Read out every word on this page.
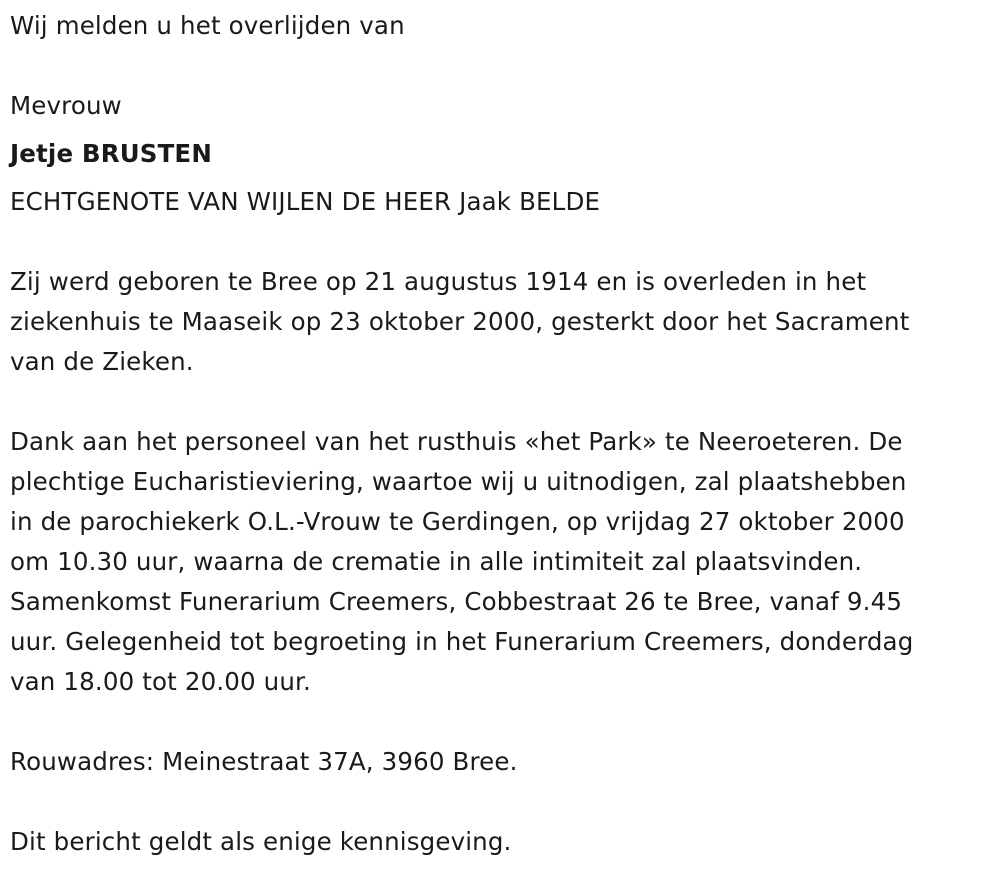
Wij melden u het overlijden van
Mevrouw
Jetje BRUSTEN
ECHTGENOTE VAN WIJLEN DE HEER Jaak BELDE
Zij werd geboren te Bree op 21 augustus 1914 en is overleden in het
ziekenhuis te Maaseik op 23 oktober 2000, gesterkt door het Sacrament
van de Zieken.
Dank aan het personeel van het rusthuis «het Park» te Neeroeteren. De
plechtige Eucharistieviering, waartoe wij u uitnodigen, zal plaatshebben
in de parochiekerk O.L.-Vrouw te Gerdingen, op vrijdag 27 oktober 2000
om 10.30 uur, waarna de crematie in alle intimiteit zal plaatsvinden.
Samenkomst Funerarium Creemers, Cobbestraat 26 te Bree, vanaf 9.45
uur. Gelegenheid tot begroeting in het Funerarium Creemers, donderdag
van 18.00 tot 20.00 uur.
Rouwadres: Meinestraat 37A, 3960 Bree.
Dit bericht geldt als enige kennisgeving.
